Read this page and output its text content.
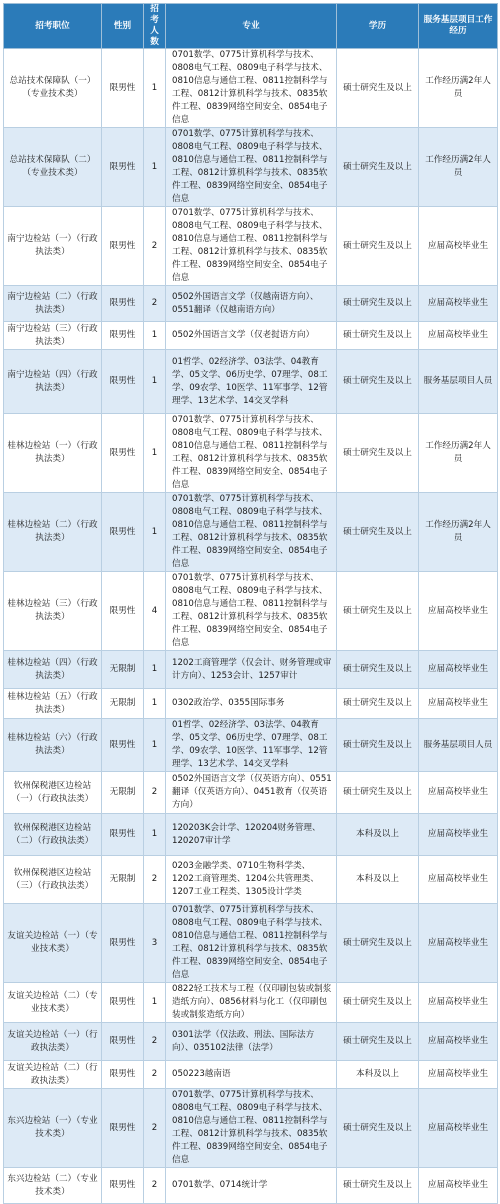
招考职位	性别	招考人数	专业	学历	服务基层项目工作经历
总站技术保障队（一）（专业技术类）	限男性	1	0701数学、0775计算机科学与技术、0808电气工程、0809电子科学与技术、0810信息与通信工程、0811控制科学与工程、0812计算机科学与技术、0835软件工程、0839网络空间安全、0854电子信息	硕士研究生及以上	工作经历满2年人员
总站技术保障队（二）（专业技术类）	限男性	1	0701数学、0775计算机科学与技术、0808电气工程、0809电子科学与技术、0810信息与通信工程、0811控制科学与工程、0812计算机科学与技术、0835软件工程、0839网络空间安全、0854电子信息	硕士研究生及以上	工作经历满2年人员
南宁边检站（一）（行政执法类）	限男性	2	0701数学、0775计算机科学与技术、0808电气工程、0809电子科学与技术、0810信息与通信工程、0811控制科学与工程、0812计算机科学与技术、0835软件工程、0839网络空间安全、0854电子信息	硕士研究生及以上	应届高校毕业生
南宁边检站（二）（行政执法类）	限男性	2	0502外国语言文学（仅越南语方向）、0551翻译（仅越南语方向）	硕士研究生及以上	应届高校毕业生
南宁边检站（三）（行政执法类）	限男性	1	0502外国语言文学（仅老挝语方向）	硕士研究生及以上	应届高校毕业生
南宁边检站（四）（行政执法类）	限男性	1	01哲学、02经济学、03法学、04教育学、05文学、06历史学、07理学、08工学、09农学、10医学、11军事学、12管理学、13艺术学、14交叉学科	硕士研究生及以上	服务基层项目人员
桂林边检站（一）（行政执法类）	限男性	1	0701数学、0775计算机科学与技术、0808电气工程、0809电子科学与技术、0810信息与通信工程、0811控制科学与工程、0812计算机科学与技术、0835软件工程、0839网络空间安全、0854电子信息	硕士研究生及以上	工作经历满2年人员
桂林边检站（二）（行政执法类）	限男性	1	0701数学、0775计算机科学与技术、0808电气工程、0809电子科学与技术、0810信息与通信工程、0811控制科学与工程、0812计算机科学与技术、0835软件工程、0839网络空间安全、0854电子信息	硕士研究生及以上	工作经历满2年人员
桂林边检站（三）（行政执法类）	限男性	4	0701数学、0775计算机科学与技术、0808电气工程、0809电子科学与技术、0810信息与通信工程、0811控制科学与工程、0812计算机科学与技术、0835软件工程、0839网络空间安全、0854电子信息	硕士研究生及以上	应届高校毕业生
桂林边检站（四）（行政执法类）	无限制	1	1202工商管理学（仅会计、财务管理或审计方向）、1253会计、1257审计	硕士研究生及以上	应届高校毕业生
桂林边检站（五）（行政执法类）	无限制	1	0302政治学、0355国际事务	硕士研究生及以上	应届高校毕业生
桂林边检站（六）（行政执法类）	限男性	1	01哲学、02经济学、03法学、04教育学、05文学、06历史学、07理学、08工学、09农学、10医学、11军事学、12管理学、13艺术学、14交叉学科	硕士研究生及以上	服务基层项目人员
钦州保税港区边检站（一）（行政执法类）	无限制	2	0502外国语言文学（仅英语方向）、0551翻译（仅英语方向）、0451教育（仅英语方向）	硕士研究生及以上	应届高校毕业生
钦州保税港区边检站（二）（行政执法类）	限男性	1	120203K会计学、120204财务管理、120207审计学	本科及以上	应届高校毕业生
钦州保税港区边检站（三）（行政执法类）	无限制	2	0203金融学类、0710生物科学类、1202工商管理类、1204公共管理类、1207工业工程类、1305设计学类	本科及以上	应届高校毕业生
友谊关边检站（一）（专业技术类）	限男性	3	0701数学、0775计算机科学与技术、0808电气工程、0809电子科学与技术、0810信息与通信工程、0811控制科学与工程、0812计算机科学与技术、0835软件工程、0839网络空间安全、0854电子信息	硕士研究生及以上	应届高校毕业生
友谊关边检站（二）（专业技术类）	限男性	1	0822轻工技术与工程（仅印刷包装或制浆造纸方向）、0856材料与化工（仅印刷包装或制浆造纸方向）	硕士研究生及以上	应届高校毕业生
友谊关边检站（一）（行政执法类）	限男性	2	0301法学（仅法政、刑法、国际法方向）、035102法律（法学）	硕士研究生及以上	应届高校毕业生
友谊关边检站（二）（行政执法类）	限男性	2	050223越南语	本科及以上	应届高校毕业生
东兴边检站（一）（专业技术类）	限男性	2	0701数学、0775计算机科学与技术、0808电气工程、0809电子科学与技术、0810信息与通信工程、0811控制科学与工程、0812计算机科学与技术、0835软件工程、0839网络空间安全、0854电子信息	硕士研究生及以上	应届高校毕业生
东兴边检站（二）（专业技术类）	限男性	2	0701数学、0714统计学	硕士研究生及以上	应届高校毕业生
